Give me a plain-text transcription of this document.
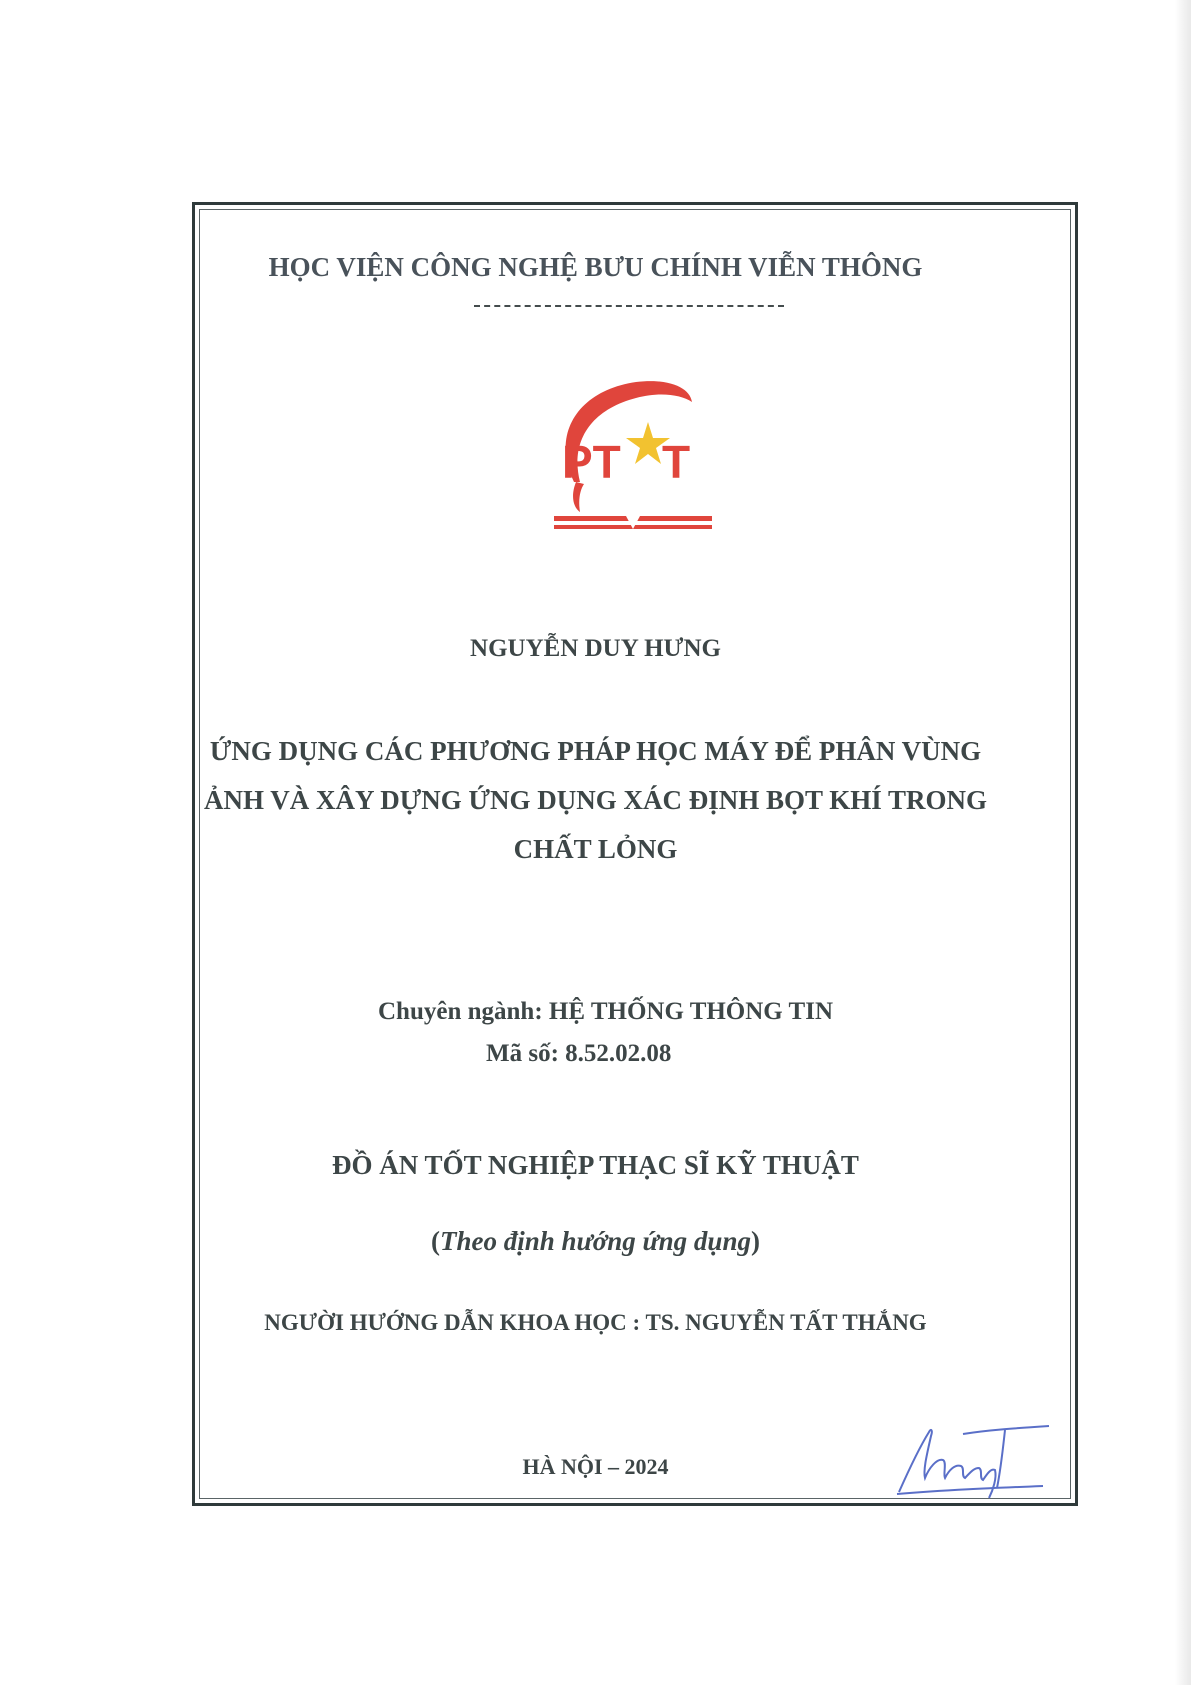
HỌC VIỆN CÔNG NGHỆ BƯU CHÍNH VIỄN THÔNG
PT T
NGUYỄN DUY HƯNG
ỨNG DỤNG CÁC PHƯƠNG PHÁP HỌC MÁY ĐỂ PHÂN VÙNG
ẢNH VÀ XÂY DỰNG ỨNG DỤNG XÁC ĐỊNH BỌT KHÍ TRONG
CHẤT LỎNG
Chuyên ngành: HỆ THỐNG THÔNG TIN
Mã số: 8.52.02.08
ĐỒ ÁN TỐT NGHIỆP THẠC SĨ KỸ THUẬT
(Theo định hướng ứng dụng)
NGƯỜI HƯỚNG DẪN KHOA HỌC : TS. NGUYỄN TẤT THẮNG
HÀ NỘI – 2024
